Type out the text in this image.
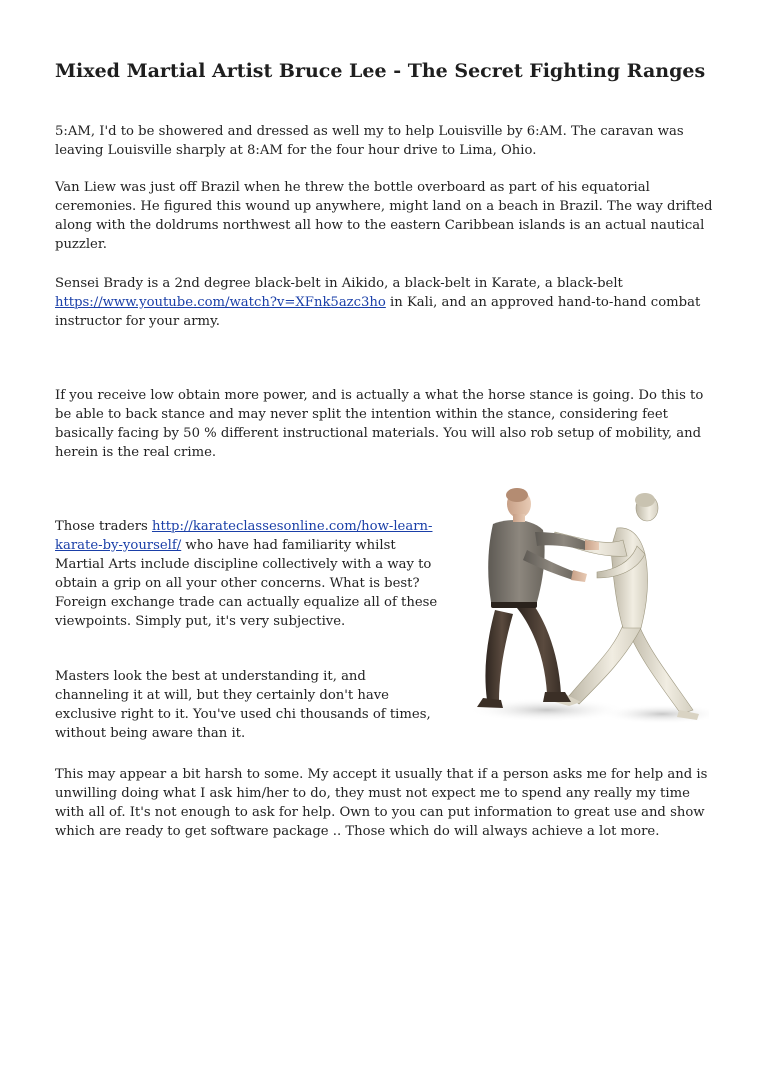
Mixed Martial Artist Bruce Lee - The Secret Fighting Ranges

5:AM, I'd to be showered and dressed as well my to help Louisville by 6:AM. The caravan was leaving Louisville sharply at 8:AM for the four hour drive to Lima, Ohio.

Van Liew was just off Brazil when he threw the bottle overboard as part of his equatorial ceremonies. He figured this wound up anywhere, might land on a beach in Brazil. The way drifted along with the doldrums northwest all how to the eastern Caribbean islands is an actual nautical puzzler.

Sensei Brady is a 2nd degree black-belt in Aikido, a black-belt in Karate, a black-belt https://www.youtube.com/watch?v=XFnk5azc3ho in Kali, and an approved hand-to-hand combat instructor for your army.

If you receive low obtain more power, and is actually a what the horse stance is going. Do this to be able to back stance and may never split the intention within the stance, considering feet basically facing by 50 % different instructional materials. You will also rob setup of mobility, and herein is the real crime.

Those traders http://karateclassesonline.com/how-learn-karate-by-yourself/ who have had familiarity whilst Martial Arts include discipline collectively with a way to obtain a grip on all your other concerns. What is best? Foreign exchange trade can actually equalize all of these viewpoints. Simply put, it's very subjective.

Masters look the best at understanding it, and channeling it at will, but they certainly don't have exclusive right to it. You've used chi thousands of times, without being aware than it.

This may appear a bit harsh to some. My accept it usually that if a person asks me for help and is unwilling doing what I ask him/her to do, they must not expect me to spend any really my time with all of. It's not enough to ask for help. Own to you can put information to great use and show which are ready to get software package .. Those which do will always achieve a lot more.
